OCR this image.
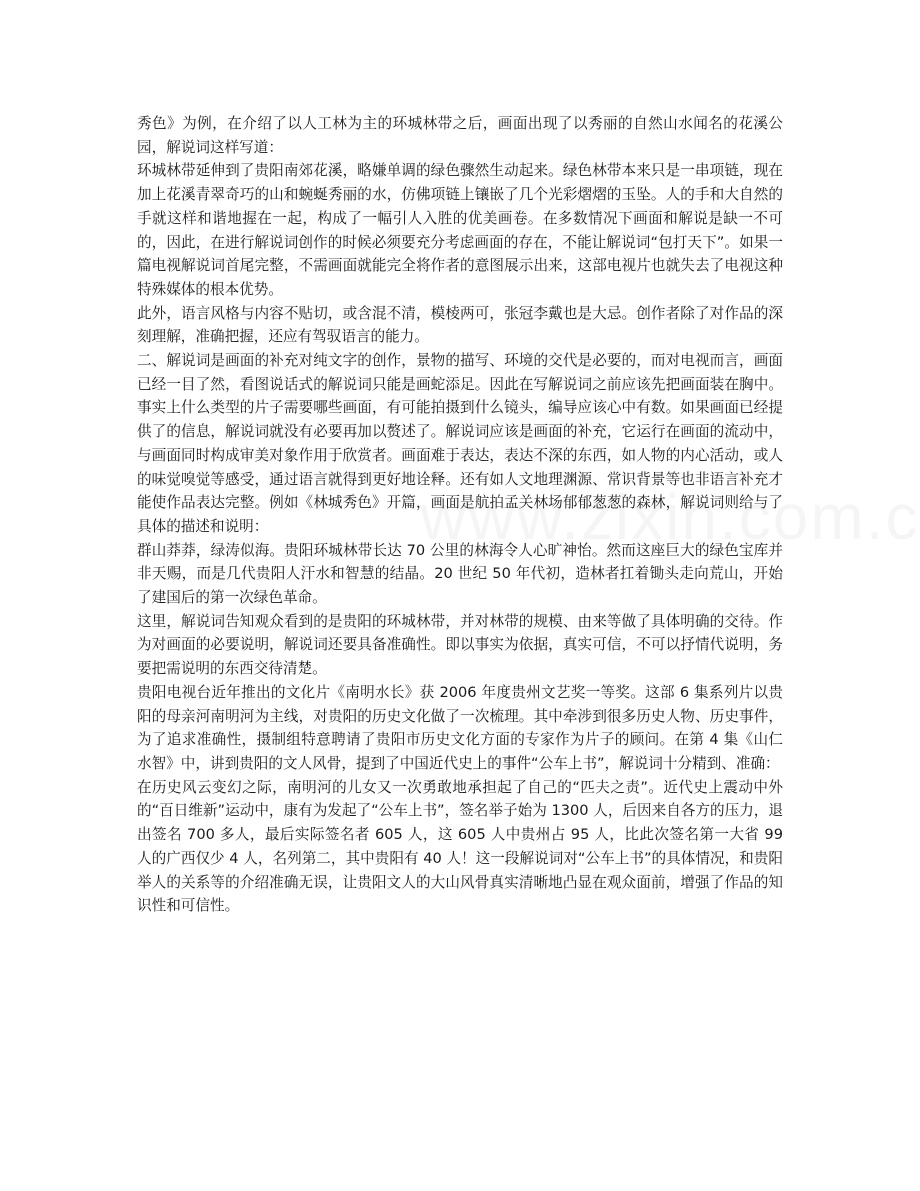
秀色》为例，在介绍了以人工林为主的环城林带之后，画面出现了以秀丽的自然山水闻名的花溪公园，解说词这样写道：

环城林带延伸到了贵阳南郊花溪，略嫌单调的绿色骤然生动起来。绿色林带本来只是一串项链，现在加上花溪青翠奇巧的山和蜿蜒秀丽的水，仿佛项链上镶嵌了几个光彩熠熠的玉坠。人的手和大自然的手就这样和谐地握在一起，构成了一幅引人入胜的优美画卷。在多数情况下画面和解说是缺一不可的，因此，在进行解说词创作的时候必须要充分考虑画面的存在，不能让解说词“包打天下”。如果一篇电视解说词首尾完整，不需画面就能完全将作者的意图展示出来，这部电视片也就失去了电视这种特殊媒体的根本优势。

此外，语言风格与内容不贴切，或含混不清，模棱两可，张冠李戴也是大忌。创作者除了对作品的深刻理解，准确把握，还应有驾驭语言的能力。

二、解说词是画面的补充对纯文字的创作，景物的描写、环境的交代是必要的，而对电视而言，画面已经一目了然，看图说话式的解说词只能是画蛇添足。因此在写解说词之前应该先把画面装在胸中。事实上什么类型的片子需要哪些画面，有可能拍摄到什么镜头，编导应该心中有数。如果画面已经提供了的信息，解说词就没有必要再加以赘述了。解说词应该是画面的补充，它运行在画面的流动中，与画面同时构成审美对象作用于欣赏者。画面难于表达，表达不深的东西，如人物的内心活动，或人的味觉嗅觉等感受，通过语言就得到更好地诠释。还有如人文地理渊源、常识背景等也非语言补充才能使作品表达完整。例如《林城秀色》开篇，画面是航拍孟关林场郁郁葱葱的森林，解说词则给与了具体的描述和说明：

群山莽莽，绿涛似海。贵阳环城林带长达 70 公里的林海令人心旷神怡。然而这座巨大的绿色宝库并非天赐，而是几代贵阳人汗水和智慧的结晶。20 世纪 50 年代初，造林者扛着锄头走向荒山，开始了建国后的第一次绿色革命。

这里，解说词告知观众看到的是贵阳的环城林带，并对林带的规模、由来等做了具体明确的交待。作为对画面的必要说明，解说词还要具备准确性。即以事实为依据，真实可信，不可以抒情代说明，务要把需说明的东西交待清楚。

贵阳电视台近年推出的文化片《南明水长》获 2006 年度贵州文艺奖一等奖。这部 6 集系列片以贵阳的母亲河南明河为主线，对贵阳的历史文化做了一次梳理。其中牵涉到很多历史人物、历史事件，为了追求准确性，摄制组特意聘请了贵阳市历史文化方面的专家作为片子的顾问。在第 4 集《山仁水智》中，讲到贵阳的文人风骨，提到了中国近代史上的事件“公车上书”，解说词十分精到、准确：

在历史风云变幻之际，南明河的儿女又一次勇敢地承担起了自己的“匹夫之责”。近代史上震动中外的“百日维新”运动中，康有为发起了“公车上书”，签名举子始为 1300 人，后因来自各方的压力，退出签名 700 多人，最后实际签名者 605 人，这 605 人中贵州占 95 人，比此次签名第一大省 99 人的广西仅少 4 人，名列第二，其中贵阳有 40 人！这一段解说词对“公车上书”的具体情况，和贵阳举人的关系等的介绍准确无误，让贵阳文人的大山风骨真实清晰地凸显在观众面前，增强了作品的知识性和可信性。
